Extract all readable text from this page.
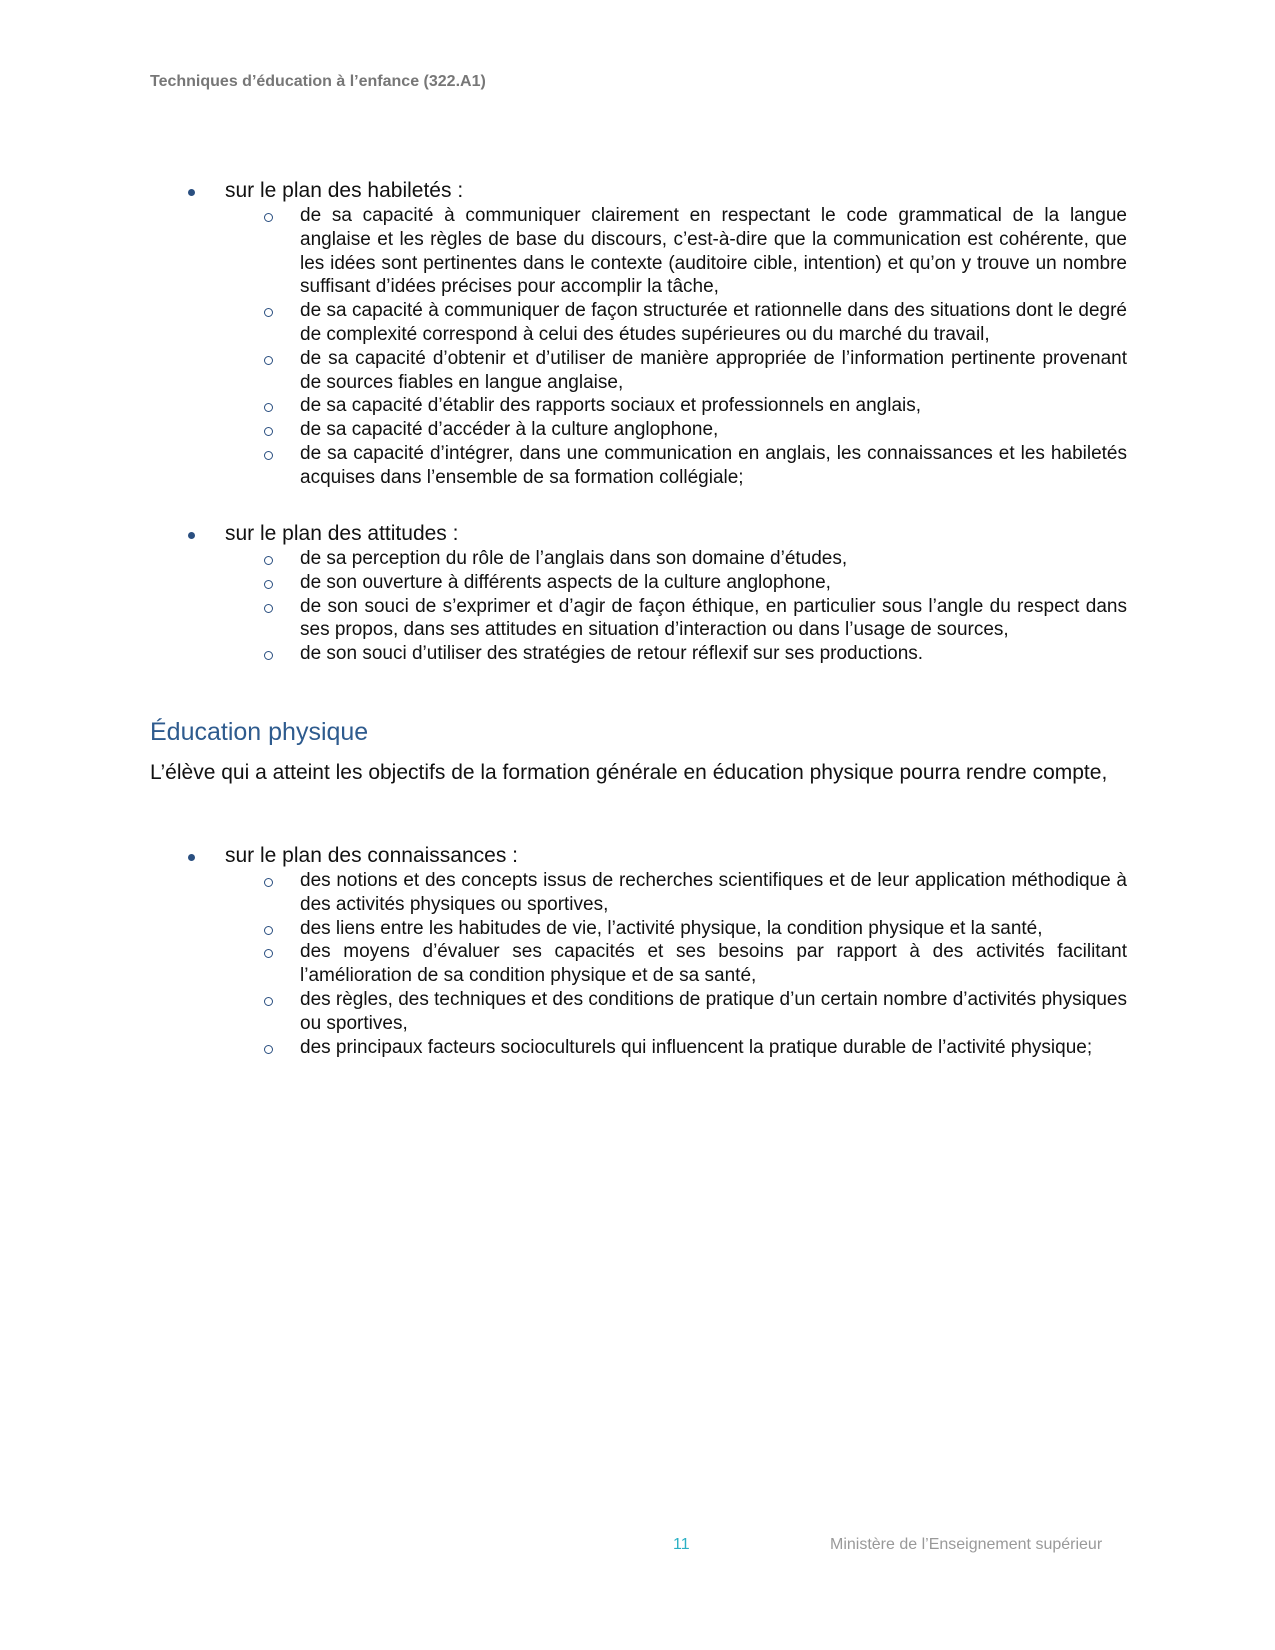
Techniques d’éducation à l’enfance (322.A1)
sur le plan des habiletés :
de sa capacité à communiquer clairement en respectant le code grammatical de la langue anglaise et les règles de base du discours, c’est-à-dire que la communication est cohérente, que les idées sont pertinentes dans le contexte (auditoire cible, intention) et qu’on y trouve un nombre suffisant d’idées précises pour accomplir la tâche,
de sa capacité à communiquer de façon structurée et rationnelle dans des situations dont le degré de complexité correspond à celui des études supérieures ou du marché du travail,
de sa capacité d’obtenir et d’utiliser de manière appropriée de l’information pertinente provenant de sources fiables en langue anglaise,
de sa capacité d’établir des rapports sociaux et professionnels en anglais,
de sa capacité d’accéder à la culture anglophone,
de sa capacité d’intégrer, dans une communication en anglais, les connaissances et les habiletés acquises dans l’ensemble de sa formation collégiale;
sur le plan des attitudes :
de sa perception du rôle de l’anglais dans son domaine d’études,
de son ouverture à différents aspects de la culture anglophone,
de son souci de s’exprimer et d’agir de façon éthique, en particulier sous l’angle du respect dans ses propos, dans ses attitudes en situation d’interaction ou dans l’usage de sources,
de son souci d’utiliser des stratégies de retour réflexif sur ses productions.
Éducation physique
L’élève qui a atteint les objectifs de la formation générale en éducation physique pourra rendre compte,
sur le plan des connaissances :
des notions et des concepts issus de recherches scientifiques et de leur application méthodique à des activités physiques ou sportives,
des liens entre les habitudes de vie, l’activité physique, la condition physique et la santé,
des moyens d’évaluer ses capacités et ses besoins par rapport à des activités facilitant l’amélioration de sa condition physique et de sa santé,
des règles, des techniques et des conditions de pratique d’un certain nombre d’activités physiques ou sportives,
des principaux facteurs socioculturels qui influencent la pratique durable de l’activité physique;
11	Ministère de l’Enseignement supérieur
